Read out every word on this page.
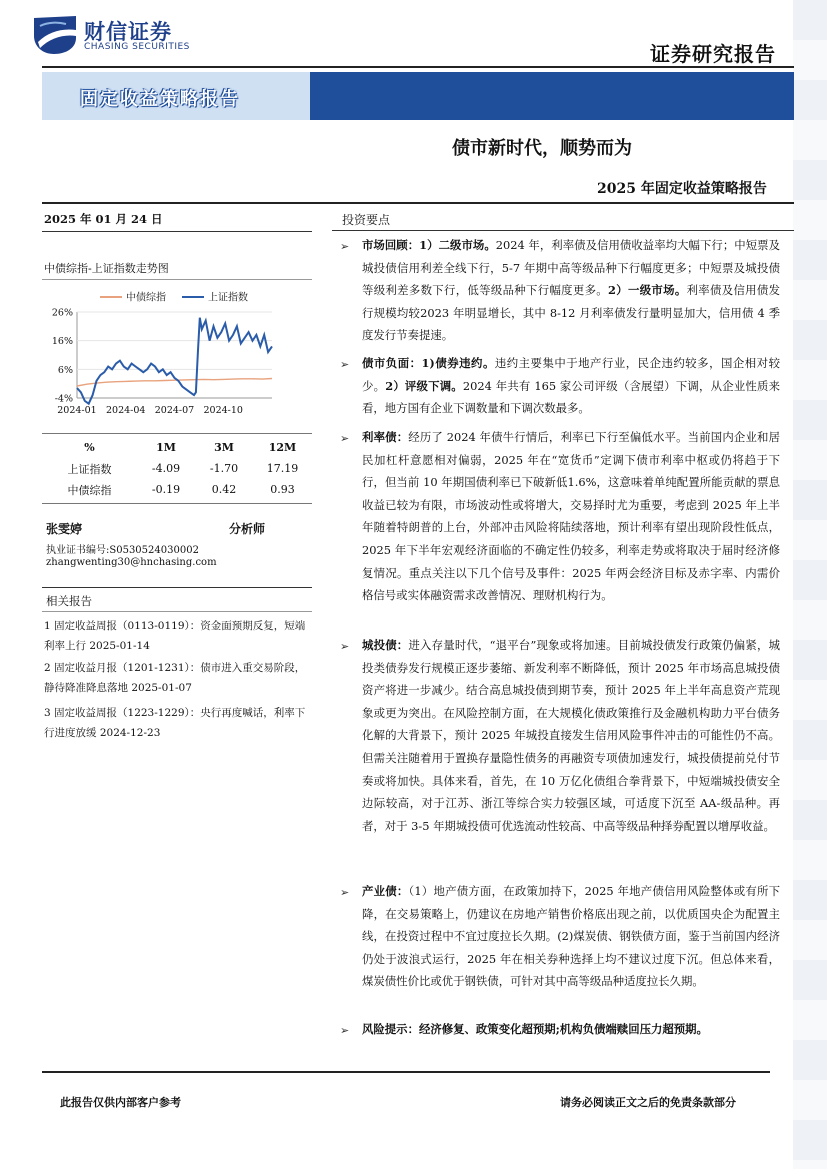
财信证券
CHASING SECURITIES	证券研究报告
固定收益策略报告
债市新时代，顺势而为
2025 年固定收益策略报告
2025 年 01 月 24 日
中债综指-上证指数走势图
26%
16%
6%
-4%
2024-01 2024-04 2024-07 2024-10
中债综指	上证指数
%	1M	3M	12M
上证指数	-4.09	-1.70	17.19
中债综指	-0.19	0.42	0.93
张雯婷	分析师
执业证书编号:S0530524030002
zhangwenting30@hnchasing.com
相关报告
1 固定收益周报（0113-0119）：资金面预期反复，短端利率上行 2025-01-14
2 固定收益月报（1201-1231）：债市进入重交易阶段，静待降准降息落地 2025-01-07
3 固定收益周报（1223-1229）：央行再度喊话，利率下行进度放缓 2024-12-23
投资要点
➢ 市场回顾：1）二级市场。2024 年，利率债及信用债收益率均大幅下行；中短票及城投债信用利差全线下行，5-7 年期中高等级品种下行幅度更多；中短票及城投债等级利差多数下行，低等级品种下行幅度更多。2）一级市场。利率债及信用债发行规模均较2023 年明显增长，其中 8-12 月利率债发行量明显加大，信用债 4 季度发行节奏提速。
➢ 债市负面：1)债券违约。违约主要集中于地产行业，民企违约较多，国企相对较少。2）评级下调。2024 年共有 165 家公司评级（含展望）下调，从企业性质来看，地方国有企业下调数量和下调次数最多。
➢ 利率债：经历了 2024 年债牛行情后，利率已下行至偏低水平。当前国内企业和居民加杠杆意愿相对偏弱，2025 年在“宽货币”定调下债市利率中枢或仍将趋于下行，但当前 10 年期国债利率已下破新低1.6%，这意味着单纯配置所能贡献的票息收益已较为有限，市场波动性或将增大，交易择时尤为重要，考虑到 2025 年上半年随着特朗普的上台，外部冲击风险将陆续落地，预计利率有望出现阶段性低点，2025 年下半年宏观经济面临的不确定性仍较多，利率走势或将取决于届时经济修复情况。重点关注以下几个信号及事件：2025 年两会经济目标及赤字率、内需价格信号或实体融资需求改善情况、理财机构行为。
➢ 城投债：进入存量时代，“退平台”现象或将加速。目前城投债发行政策仍偏紧，城投类债券发行规模正逐步萎缩、新发利率不断降低，预计 2025 年市场高息城投债资产将进一步减少。结合高息城投债到期节奏，预计 2025 年上半年高息资产荒现象或更为突出。在风险控制方面，在大规模化债政策推行及金融机构助力平台债务化解的大背景下，预计 2025 年城投直接发生信用风险事件冲击的可能性仍不高。但需关注随着用于置换存量隐性债务的再融资专项债加速发行，城投债提前兑付节奏或将加快。具体来看，首先，在 10 万亿化债组合拳背景下，中短端城投债安全边际较高，对于江苏、浙江等综合实力较强区域，可适度下沉至 AA-级品种。再者，对于 3-5 年期城投债可优选流动性较高、中高等级品种择券配置以增厚收益。
➢ 产业债：（1）地产债方面，在政策加持下，2025 年地产债信用风险整体或有所下降，在交易策略上，仍建议在房地产销售价格底出现之前，以优质国央企为配置主线，在投资过程中不宜过度拉长久期。(2)煤炭债、钢铁债方面，鉴于当前国内经济仍处于波浪式运行，2025 年在相关券种选择上均不建议过度下沉。但总体来看，煤炭债性价比或优于钢铁债，可针对其中高等级品种适度拉长久期。
➢ 风险提示：经济修复、政策变化超预期;机构负债端赎回压力超预期。
此报告仅供内部客户参考	请务必阅读正文之后的免责条款部分
